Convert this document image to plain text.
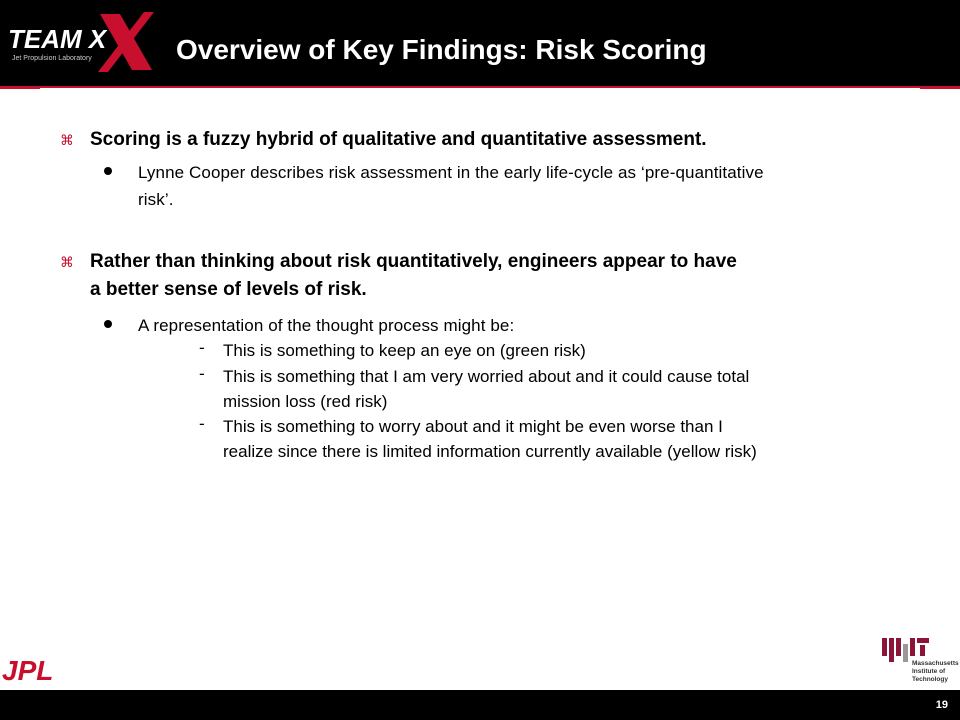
TEAM X
Jet Propulsion Laboratory	Overview of Key Findings: Risk Scoring
⌘ Scoring is a fuzzy hybrid of qualitative and quantitative assessment.
Lynne Cooper describes risk assessment in the early life-cycle as ‘pre-quantitative
risk’.
⌘ Rather than thinking about risk quantitatively, engineers appear to have
a better sense of levels of risk.
A representation of the thought process might be:
- This is something to keep an eye on (green risk)
- This is something that I am very worried about and it could cause total
mission loss (red risk)
- This is something to worry about and it might be even worse than I
realize since there is limited information currently available (yellow risk)
JPL	Massachusetts Institute of Technology
19
